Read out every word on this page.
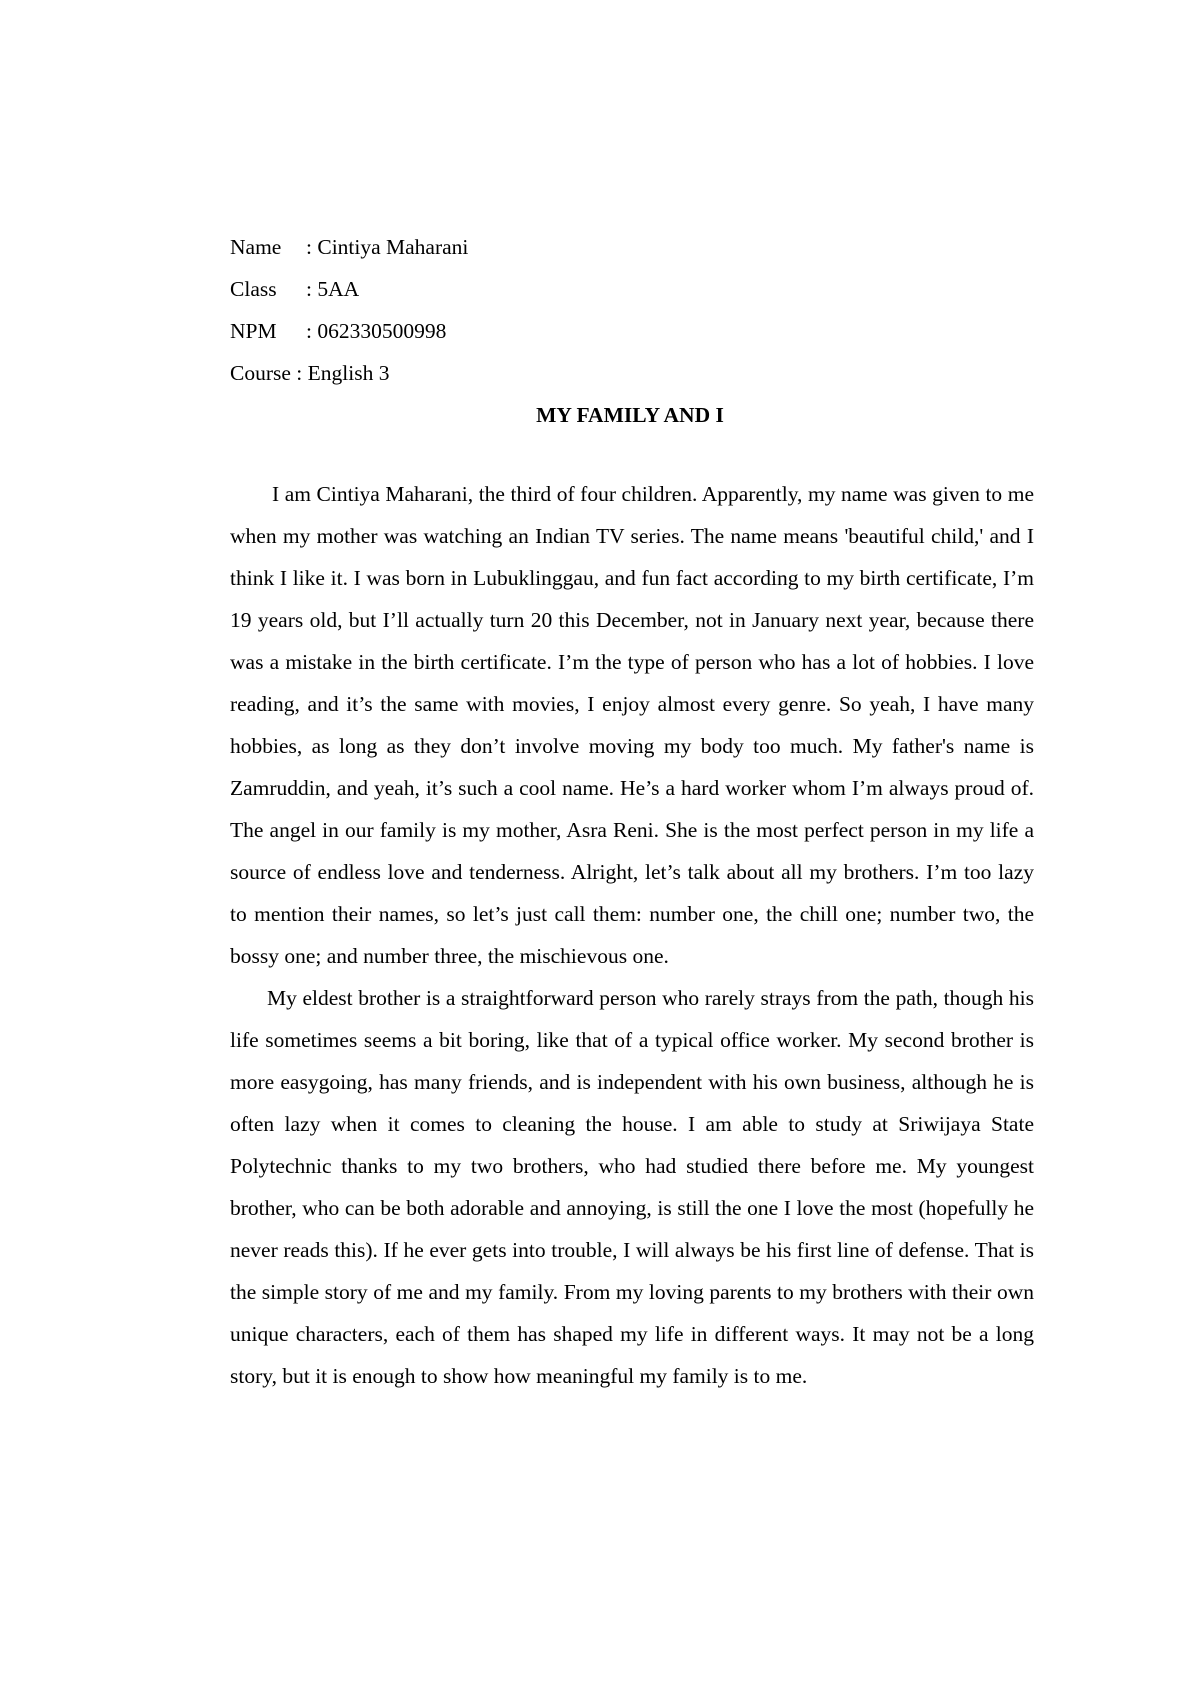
Name : Cintiya Maharani
Class : 5AA
NPM : 062330500998
Course : English 3
MY FAMILY AND I

I am Cintiya Maharani, the third of four children. Apparently, my name was given to me when my mother was watching an Indian TV series. The name means 'beautiful child,' and I think I like it. I was born in Lubuklinggau, and fun fact according to my birth certificate, I’m 19 years old, but I’ll actually turn 20 this December, not in January next year, because there was a mistake in the birth certificate. I’m the type of person who has a lot of hobbies. I love reading, and it’s the same with movies, I enjoy almost every genre. So yeah, I have many hobbies, as long as they don’t involve moving my body too much. My father's name is Zamruddin, and yeah, it’s such a cool name. He’s a hard worker whom I’m always proud of. The angel in our family is my mother, Asra Reni. She is the most perfect person in my life a source of endless love and tenderness. Alright, let’s talk about all my brothers. I’m too lazy to mention their names, so let’s just call them: number one, the chill one; number two, the bossy one; and number three, the mischievous one.

My eldest brother is a straightforward person who rarely strays from the path, though his life sometimes seems a bit boring, like that of a typical office worker. My second brother is more easygoing, has many friends, and is independent with his own business, although he is often lazy when it comes to cleaning the house. I am able to study at Sriwijaya State Polytechnic thanks to my two brothers, who had studied there before me. My youngest brother, who can be both adorable and annoying, is still the one I love the most (hopefully he never reads this). If he ever gets into trouble, I will always be his first line of defense. That is the simple story of me and my family. From my loving parents to my brothers with their own unique characters, each of them has shaped my life in different ways. It may not be a long story, but it is enough to show how meaningful my family is to me.
